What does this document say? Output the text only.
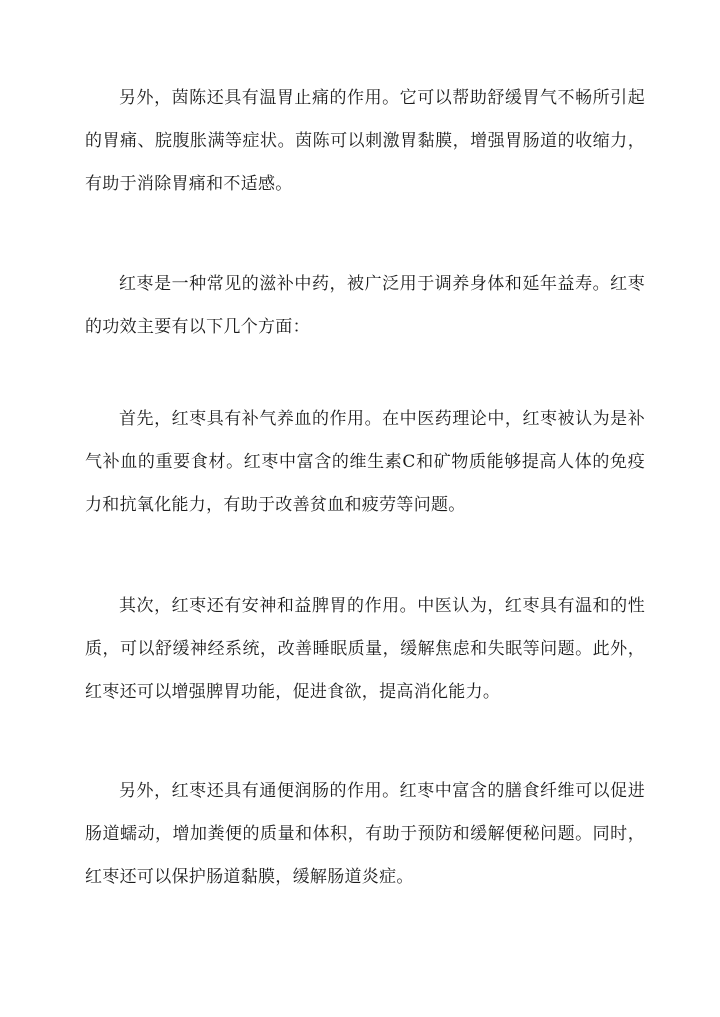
另外，茵陈还具有温胃止痛的作用。它可以帮助舒缓胃气不畅所引起的胃痛、脘腹胀满等症状。茵陈可以刺激胃黏膜，增强胃肠道的收缩力，有助于消除胃痛和不适感。

红枣是一种常见的滋补中药，被广泛用于调养身体和延年益寿。红枣的功效主要有以下几个方面：

首先，红枣具有补气养血的作用。在中医药理论中，红枣被认为是补气补血的重要食材。红枣中富含的维生素C和矿物质能够提高人体的免疫力和抗氧化能力，有助于改善贫血和疲劳等问题。

其次，红枣还有安神和益脾胃的作用。中医认为，红枣具有温和的性质，可以舒缓神经系统，改善睡眠质量，缓解焦虑和失眠等问题。此外，红枣还可以增强脾胃功能，促进食欲，提高消化能力。

另外，红枣还具有通便润肠的作用。红枣中富含的膳食纤维可以促进肠道蠕动，增加粪便的质量和体积，有助于预防和缓解便秘问题。同时，红枣还可以保护肠道黏膜，缓解肠道炎症。
